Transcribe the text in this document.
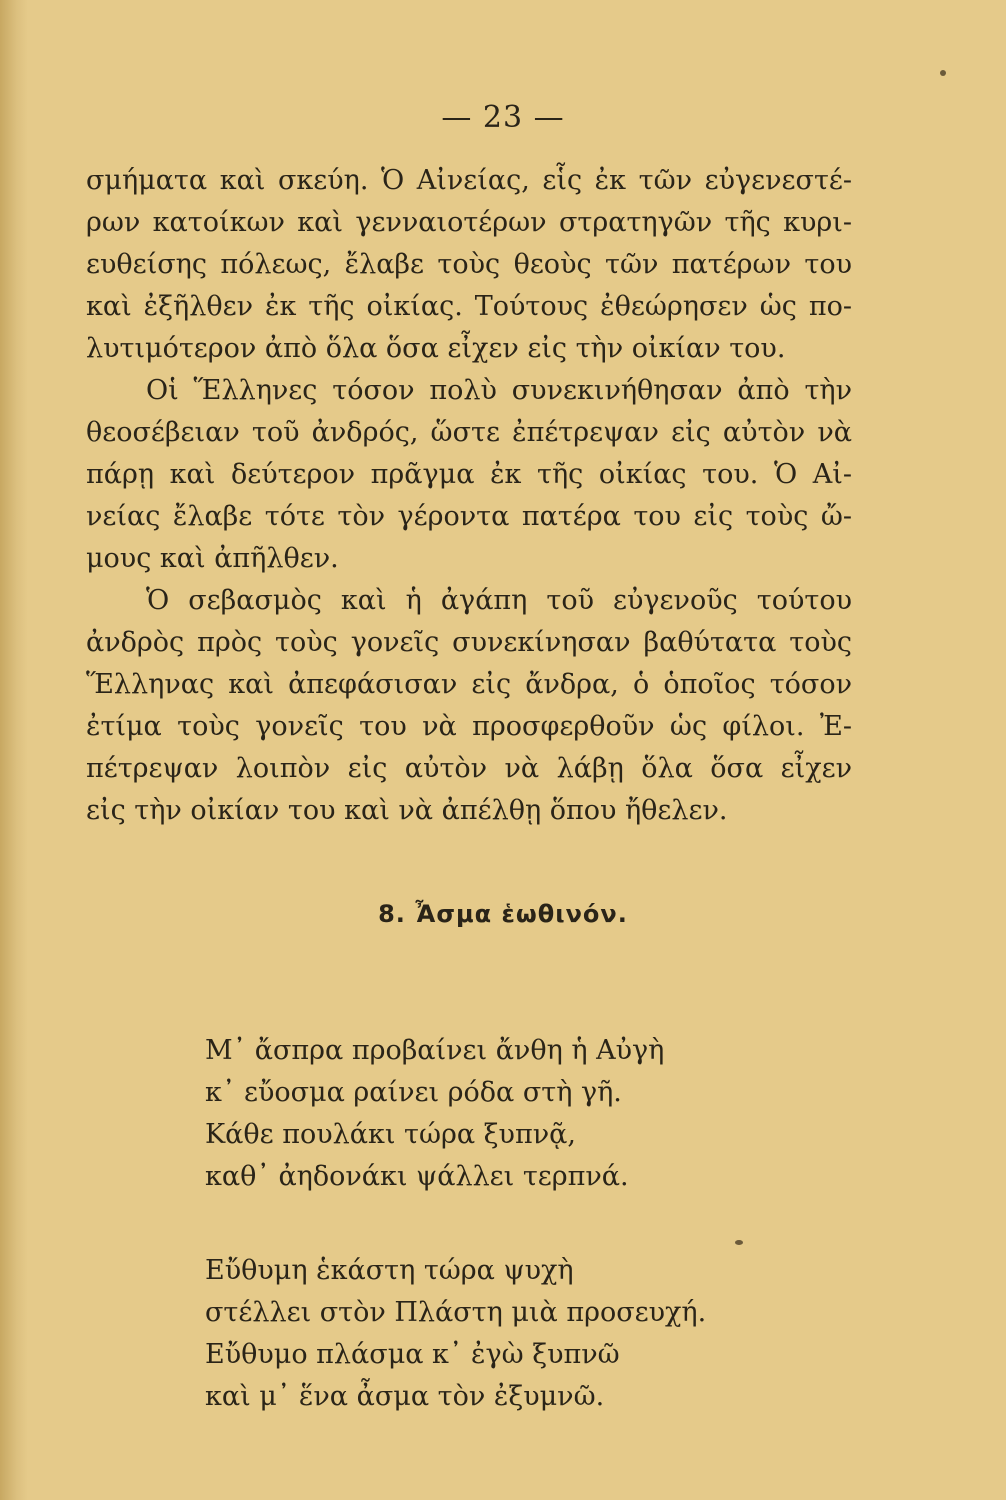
— 23 —
σμήματα καὶ σκεύη. Ὁ Αἰνείας, εἷς ἐκ τῶν εὐγενεστέ-
ρων κατοίκων καὶ γενναιοτέρων στρατηγῶν τῆς κυρι-
ευθείσης πόλεως, ἔλαβε τοὺς θεοὺς τῶν πατέρων του
καὶ ἐξῆλθεν ἐκ τῆς οἰκίας. Τούτους ἐθεώρησεν ὡς πο-
λυτιμότερον ἀπὸ ὅλα ὅσα εἶχεν εἰς τὴν οἰκίαν του.
Οἱ Ἕλληνες τόσον πολὺ συνεκινήθησαν ἀπὸ τὴν
θεοσέβειαν τοῦ ἀνδρός, ὥστε ἐπέτρεψαν εἰς αὐτὸν νὰ
πάρῃ καὶ δεύτερον πρᾶγμα ἐκ τῆς οἰκίας του. Ὁ Αἰ-
νείας ἔλαβε τότε τὸν γέροντα πατέρα του εἰς τοὺς ὤ-
μους καὶ ἀπῆλθεν.
Ὁ σεβασμὸς καὶ ἡ ἀγάπη τοῦ εὐγενοῦς τούτου
ἀνδρὸς πρὸς τοὺς γονεῖς συνεκίνησαν βαθύτατα τοὺς
Ἕλληνας καὶ ἀπεφάσισαν εἰς ἄνδρα, ὁ ὁποῖος τόσον
ἐτίμα τοὺς γονεῖς του νὰ προσφερθοῦν ὡς φίλοι. Ἐ-
πέτρεψαν λοιπὸν εἰς αὐτὸν νὰ λάβῃ ὅλα ὅσα εἶχεν
εἰς τὴν οἰκίαν του καὶ νὰ ἀπέλθῃ ὅπου ἤθελεν.
8. Ἆσμα ἑωθινόν.
Μ᾿ ἄσπρα προβαίνει ἄνθη ἡ Αὐγὴ
κ᾿ εὔοσμα ραίνει ρόδα στὴ γῆ.
Κάθε πουλάκι τώρα ξυπνᾷ,
καθ᾿ ἀηδονάκι ψάλλει τερπνά.
Εὔθυμη ἑκάστη τώρα ψυχὴ
στέλλει στὸν Πλάστη μιὰ προσευχή.
Εὔθυμο πλάσμα κ᾿ ἐγὼ ξυπνῶ
καὶ μ᾿ ἕνα ἆσμα τὸν ἐξυμνῶ.
